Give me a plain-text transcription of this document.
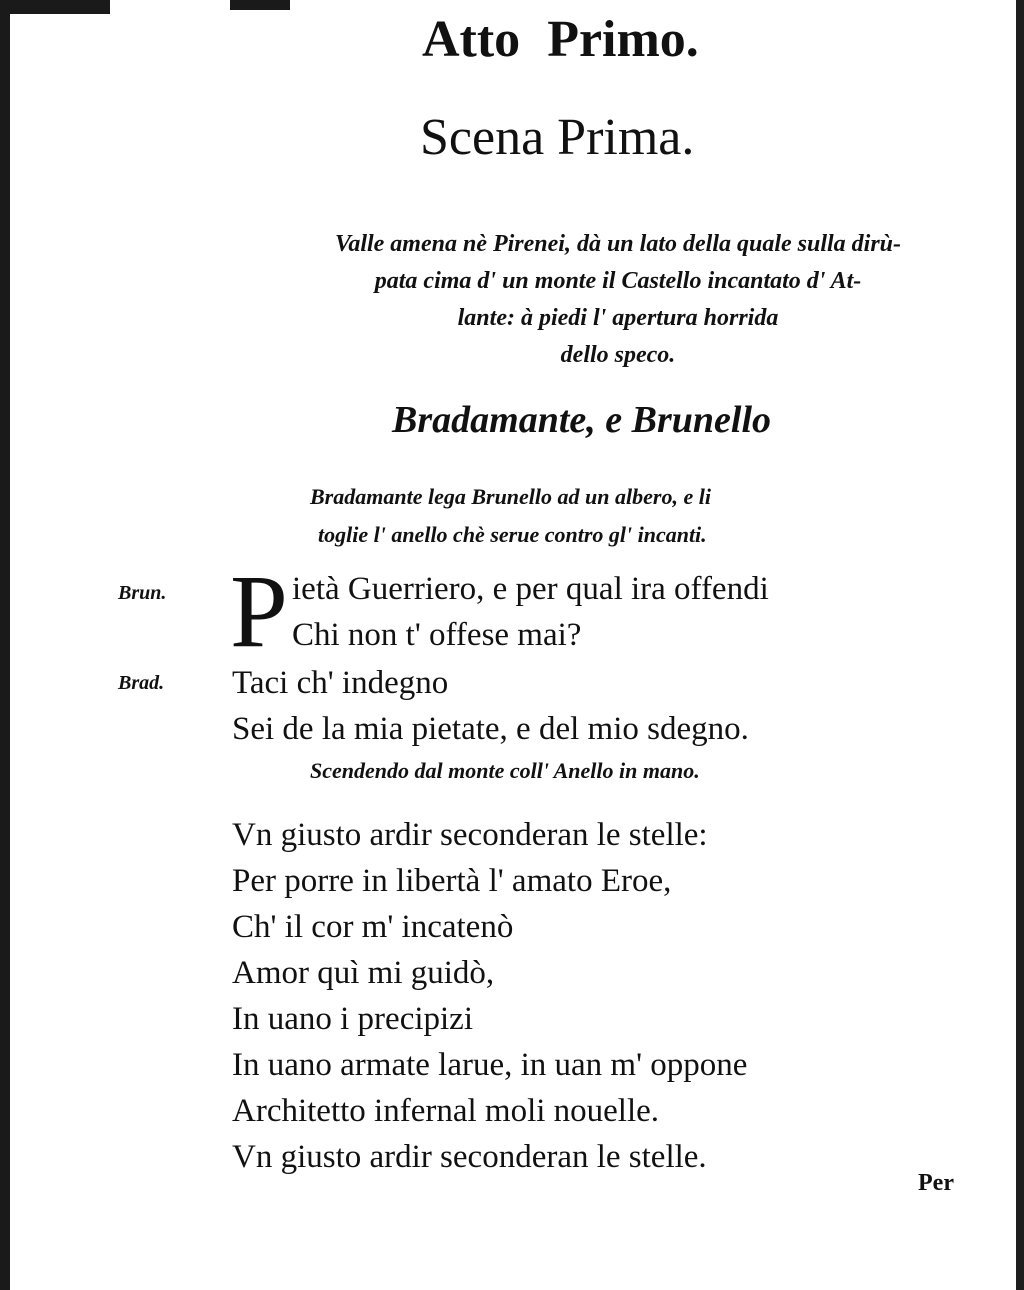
Atto Primo.
Scena Prima.
Valle amena nè Pirenei, dà un lato della quale sulla dirù-
pata cima d' un monte il Castello incantato d' At-
lante: à piedi l' apertura horrida
dello speco.
Bradamante, e Brunello
Bradamante lega Brunello ad un albero, e li
toglie l' anello chè serue contro gl' incanti.
Brun. P ietà Guerriero, e per qual ira offendi
Chi non t' offese mai?
Brad. Taci ch' indegno
Sei de la mia pietate, e del mio sdegno.
Scendendo dal monte coll' Anello in mano.
Vn giusto ardir seconderan le stelle:
Per porre in libertà l' amato Eroe,
Ch' il cor m' incatenò
Amor quì mi guidò,
In uano i precipizi
In uano armate larue, in uan m' oppone
Architetto infernal moli nouelle.
Vn giusto ardir seconderan le stelle.
Per
